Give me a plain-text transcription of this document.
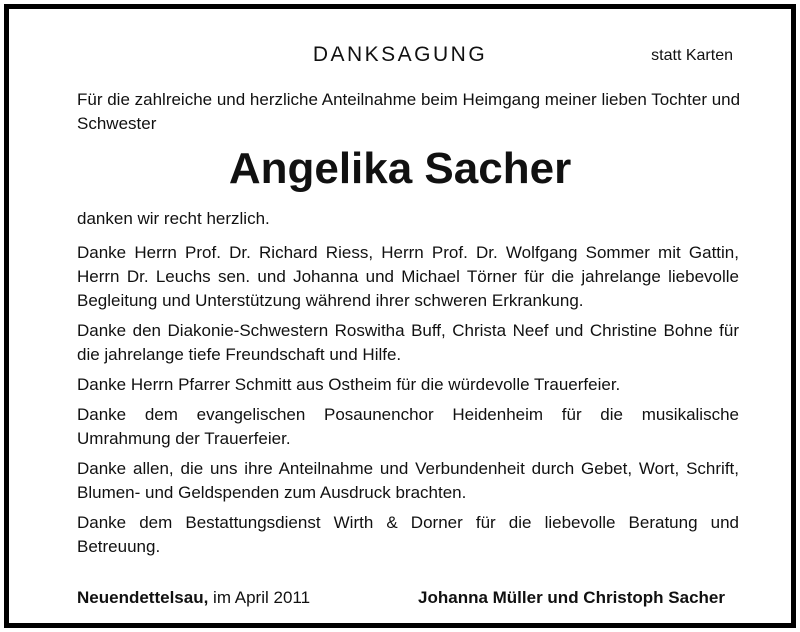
DANKSAGUNG	statt Karten
Für die zahlreiche und herzliche Anteilnahme beim Heimgang meiner lieben Tochter und Schwester
Angelika Sacher
danken wir recht herzlich.

Danke Herrn Prof. Dr. Richard Riess, Herrn Prof. Dr. Wolfgang Sommer mit Gattin, Herrn Dr. Leuchs sen. und Johanna und Michael Törner für die jahrelange liebevolle Begleitung und Unterstützung während ihrer schweren Erkrankung.

Danke den Diakonie-Schwestern Roswitha Buff, Christa Neef und Christine Bohne für die jahrelange tiefe Freundschaft und Hilfe.

Danke Herrn Pfarrer Schmitt aus Ostheim für die würdevolle Trauerfeier.

Danke dem evangelischen Posaunenchor Heidenheim für die musikalische Umrahmung der Trauerfeier.

Danke allen, die uns ihre Anteilnahme und Verbundenheit durch Gebet, Wort, Schrift, Blumen- und Geldspenden zum Ausdruck brachten.

Danke dem Bestattungsdienst Wirth & Dorner für die liebevolle Beratung und Betreuung.

Neuendettelsau, im April 2011	Johanna Müller und Christoph Sacher
